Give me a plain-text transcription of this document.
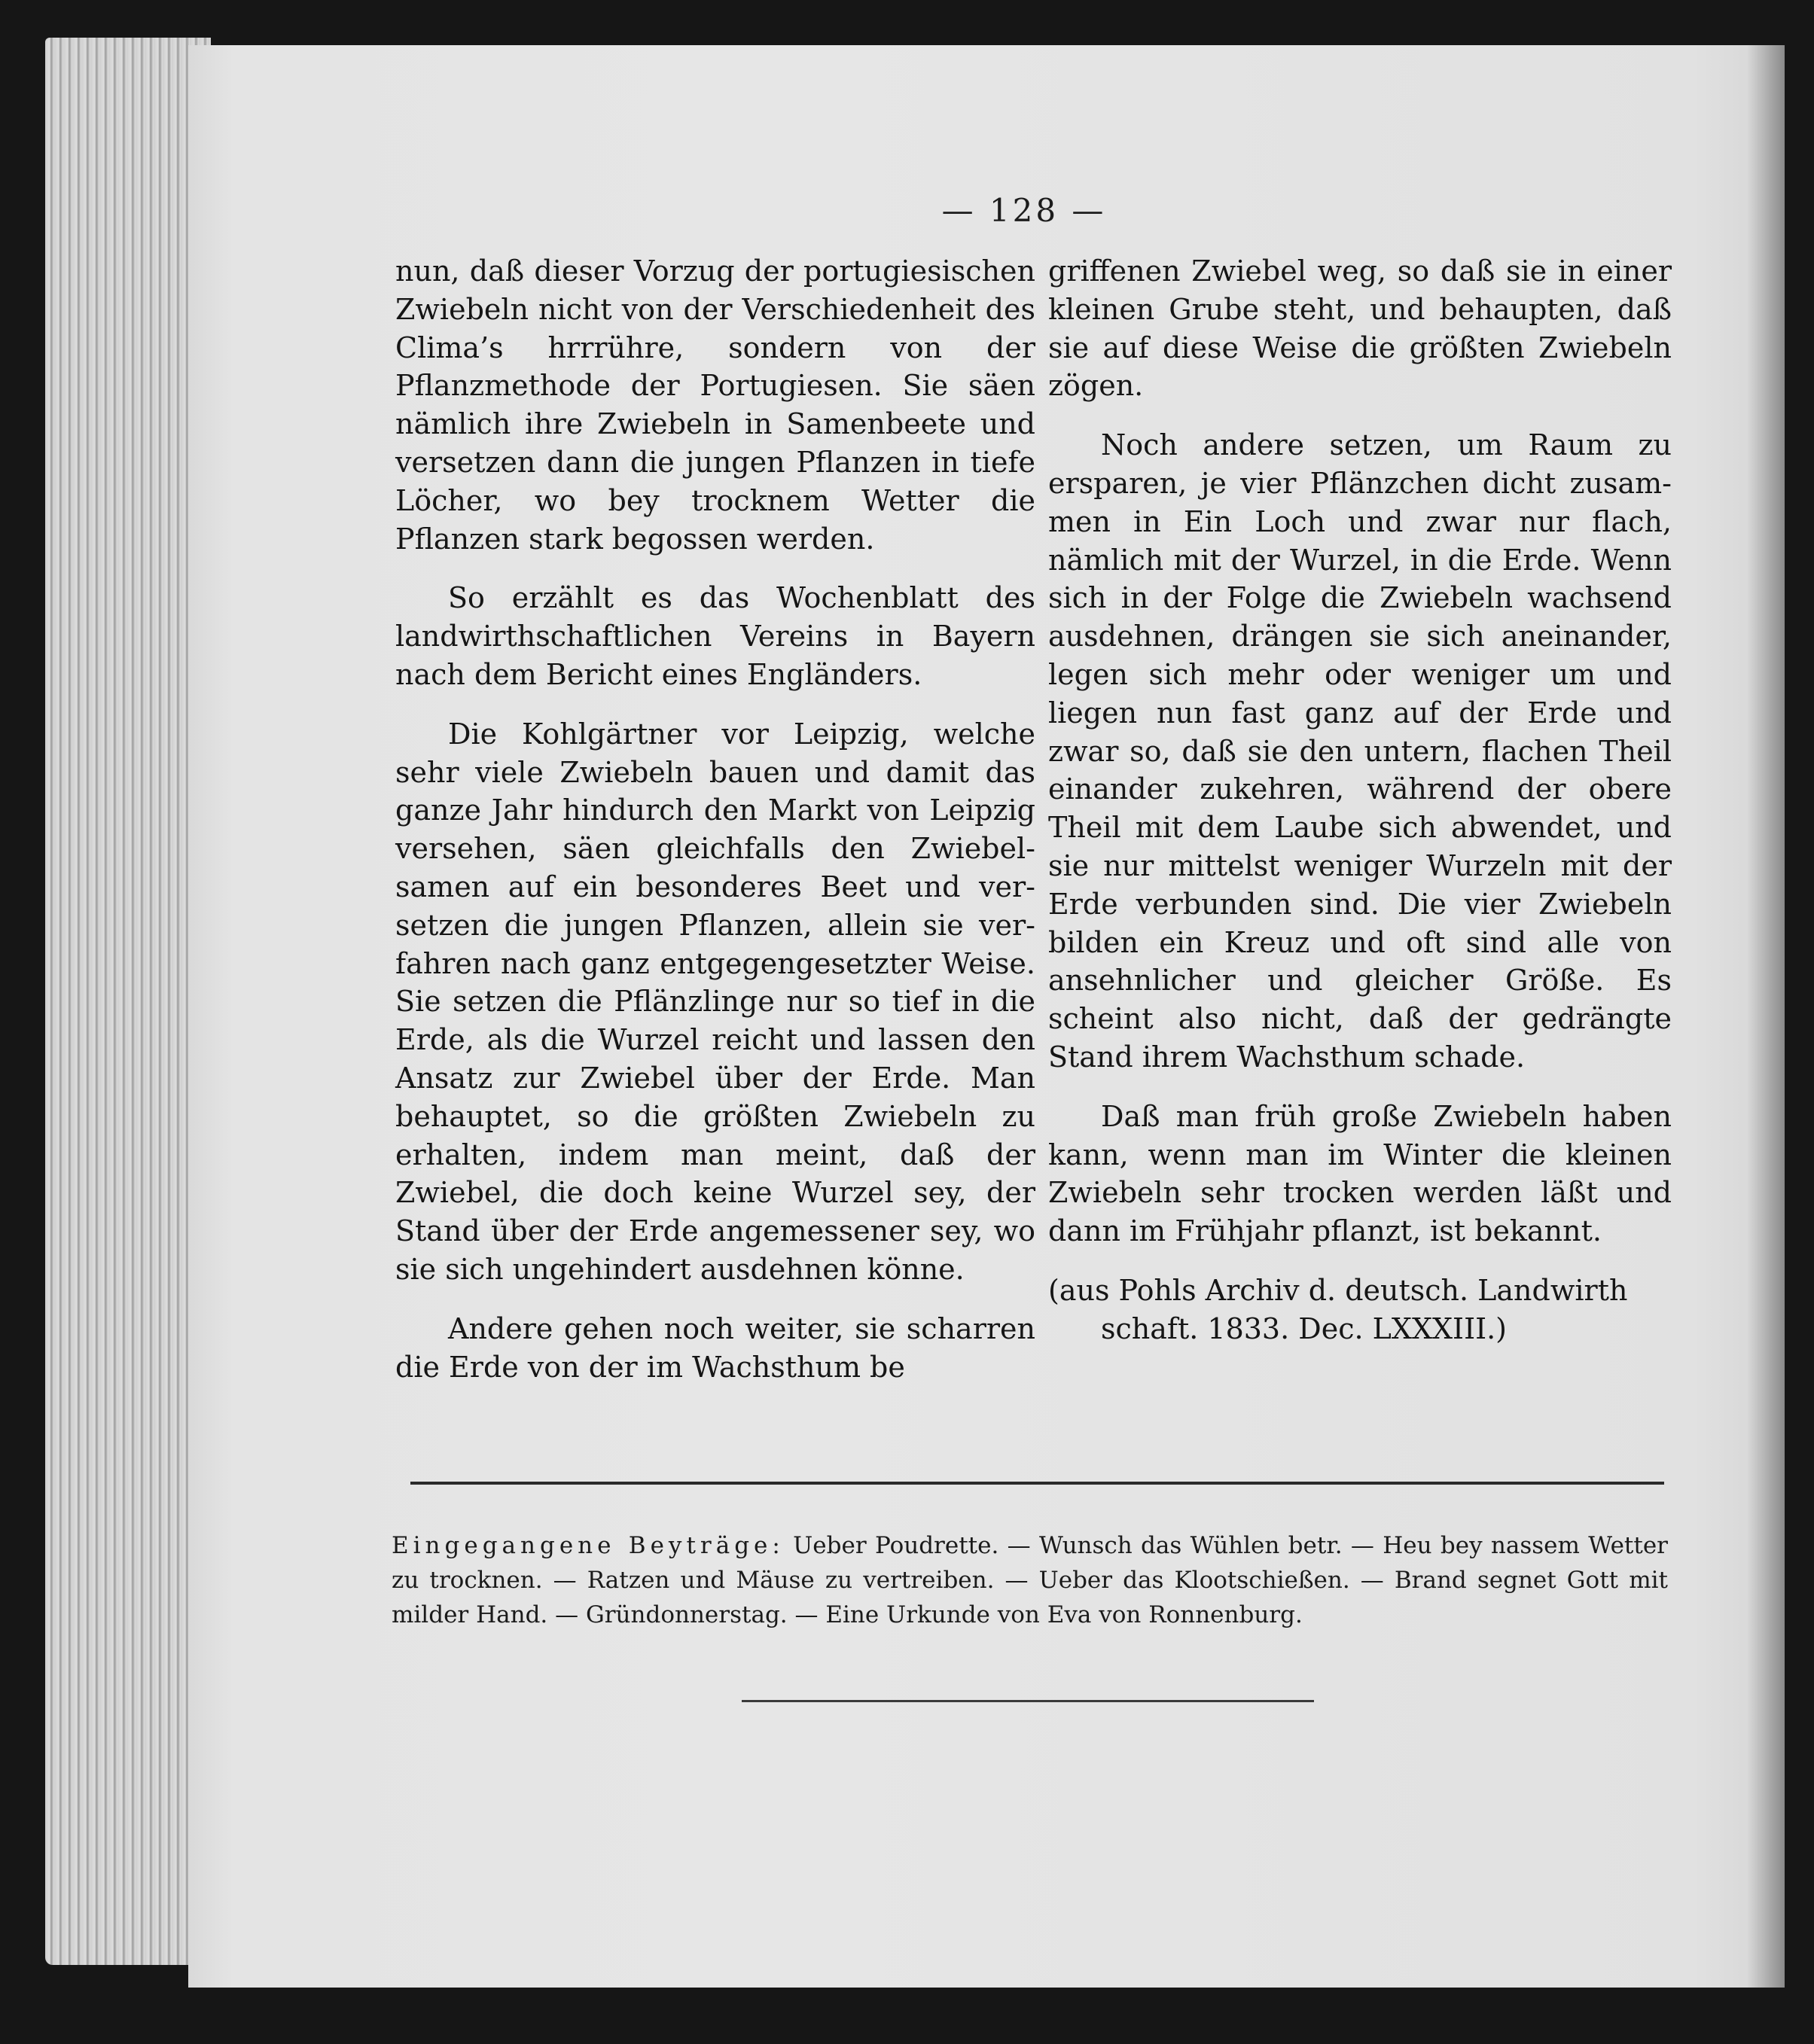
— 128 —

nun, daß dieser Vorzug der portugiesischen Zwiebeln nicht von der Verschiedenheit des Clima’s hrrrühre, sondern von der Pflanzmethode der Portugiesen. Sie säen nämlich ihre Zwiebeln in Samenbeete und versetzen dann die jungen Pflanzen in tiefe Löcher, wo bey trocknem Wetter die Pflanzen stark begossen werden.

So erzählt es das Wochenblatt des landwirthschaftlichen Vereins in Bayern nach dem Bericht eines Engländers.

Die Kohlgärtner vor Leipzig, welche sehr viele Zwiebeln bauen und damit das ganze Jahr hindurch den Markt von Leipzig versehen, säen gleichfalls den Zwiebelsamen auf ein besonderes Beet und versetzen die jungen Pflanzen, allein sie verfahren nach ganz entgegengesetzter Weise. Sie setzen die Pflänzlinge nur so tief in die Erde, als die Wurzel reicht und lassen den Ansatz zur Zwiebel über der Erde. Man behauptet, so die größten Zwiebeln zu erhalten, indem man meint, daß der Zwiebel, die doch keine Wurzel sey, der Stand über der Erde angemessener sey, wo sie sich ungehindert ausdehnen könne.

Andere gehen noch weiter, sie scharren die Erde von der im Wachsthum be

griffenen Zwiebel weg, so daß sie in einer kleinen Grube steht, und behaupten, daß sie auf diese Weise die größten Zwiebeln zögen.

Noch andere setzen, um Raum zu ersparen, je vier Pflänzchen dicht zusammen in Ein Loch und zwar nur flach, nämlich mit der Wurzel, in die Erde. Wenn sich in der Folge die Zwiebeln wachsend ausdehnen, drängen sie sich aneinander, legen sich mehr oder weniger um und liegen nun fast ganz auf der Erde und zwar so, daß sie den untern, flachen Theil einander zukehren, während der obere Theil mit dem Laube sich abwendet, und sie nur mittelst weniger Wurzeln mit der Erde verbunden sind. Die vier Zwiebeln bilden ein Kreuz und oft sind alle von ansehnlicher und gleicher Größe. Es scheint also nicht, daß der gedrängte Stand ihrem Wachsthum schade.

Daß man früh große Zwiebeln haben kann, wenn man im Winter die kleinen Zwiebeln sehr trocken werden läßt und dann im Frühjahr pflanzt, ist bekannt.

(aus Pohls Archiv d. deutsch. Landwirth
schaft. 1833. Dec. LXXXIII.)

Eingegangene Beyträge: Ueber Poudrette. — Wunsch das Wühlen betr. — Heu bey nassem Wetter zu trocknen. — Ratzen und Mäuse zu vertreiben. — Ueber das Klootschießen. — Brand segnet Gott mit milder Hand. — Gründonnerstag. — Eine Urkunde von Eva von Ronnenburg.
